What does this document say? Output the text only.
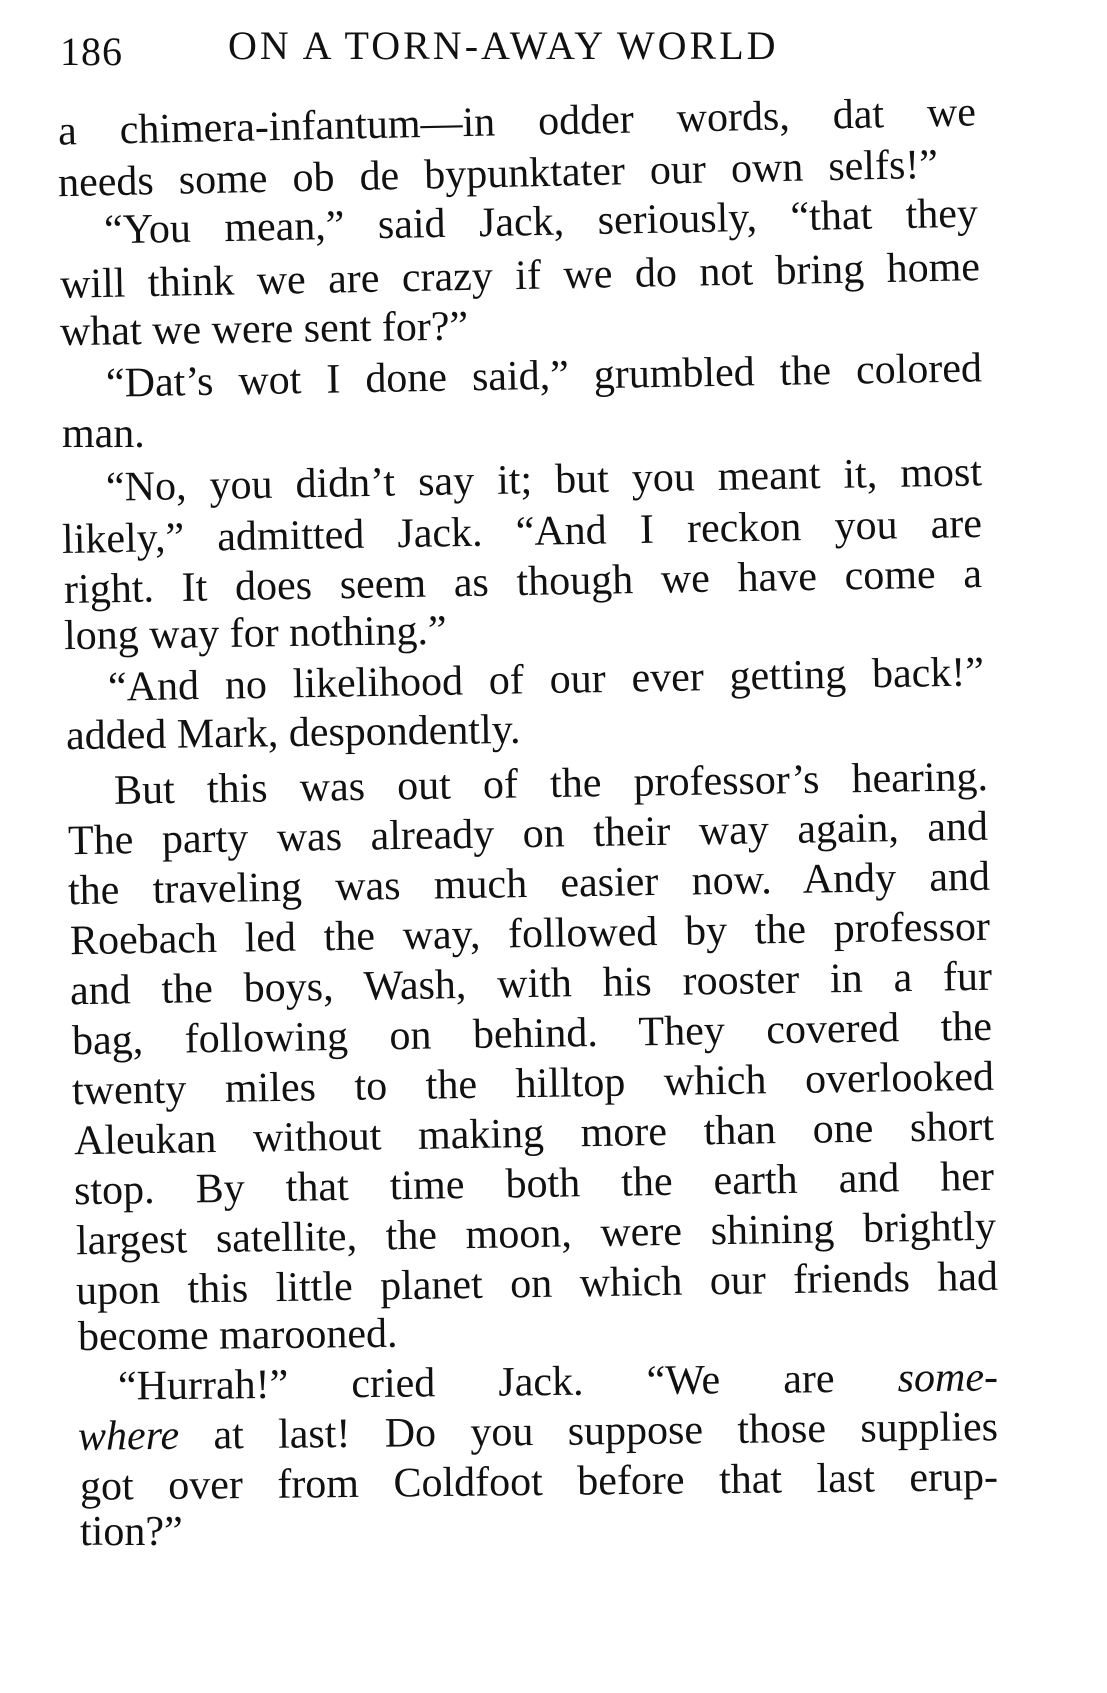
186	ON A TORN-AWAY WORLD
a chimera-infantum—in odder words, dat we
needs some ob de bypunktater our own selfs!”
“You mean,” said Jack, seriously, “that they
will think we are crazy if we do not bring home
what we were sent for?”
“Dat’s wot I done said,” grumbled the colored
man.
“No, you didn’t say it; but you meant it, most
likely,” admitted Jack. “And I reckon you are
right. It does seem as though we have come a
long way for nothing.”
“And no likelihood of our ever getting back!”
added Mark, despondently.
But this was out of the professor’s hearing.
The party was already on their way again, and
the traveling was much easier now. Andy and
Roebach led the way, followed by the professor
and the boys, Wash, with his rooster in a fur
bag, following on behind. They covered the
twenty miles to the hilltop which overlooked
Aleukan without making more than one short
stop. By that time both the earth and her
largest satellite, the moon, were shining brightly
upon this little planet on which our friends had
become marooned.
“Hurrah!” cried Jack. “We are some-
where at last! Do you suppose those supplies
got over from Coldfoot before that last erup-
tion?”
